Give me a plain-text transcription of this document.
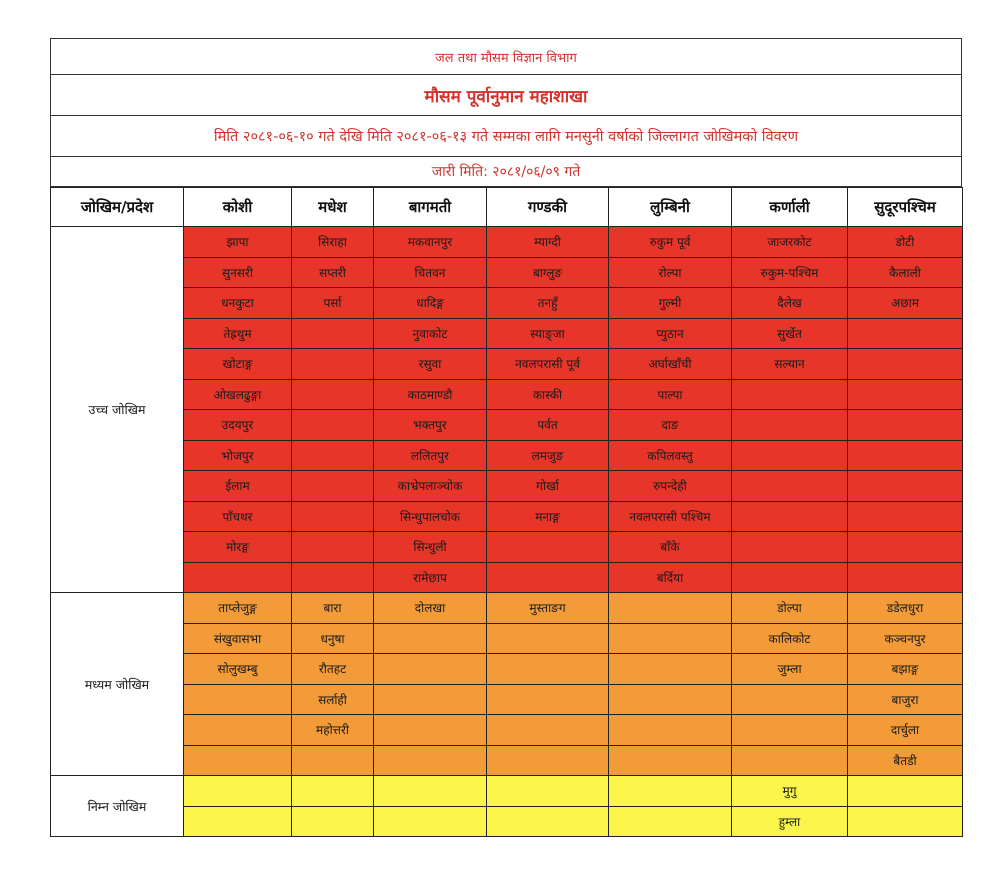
जल तथा मौसम विज्ञान विभाग
मौसम पूर्वानुमान महाशाखा
मिति २०८१-०६-१० गते देखि मिति २०८१-०६-१३ गते सम्मका लागि मनसुनी वर्षाको जिल्लागत जोखिमको विवरण
जारी मिति: २०८१/०६/०९ गते
जोखिम/प्रदेश	कोशी	मधेश	बागमती	गण्डकी	लुम्बिनी	कर्णाली	सुदूरपश्चिम
उच्च जोखिम	झापा	सिराहा	मकवानपुर	म्याग्दी	रुकुम पूर्व	जाजरकोट	डोटी
	सुनसरी	सप्तरी	चितवन	बाग्लुङ	रोल्पा	रुकुम-पश्चिम	कैलाली
	धनकुटा	पर्सा	धादिङ्ग	तनहुँ	गुल्मी	दैलेख	अछाम
	तेह्रथुम		नुवाकोट	स्याङ्जा	प्युठान	सुर्खेत	
	खोटाङ्ग		रसुवा	नवलपरासी पूर्व	अर्घाखाँची	सल्यान	
	ओखलढुङ्गा		काठमाण्डौ	कास्की	पाल्पा		
	उदयपुर		भक्तपुर	पर्वत	दाङ		
	भोजपुर		ललितपुर	लमजुङ	कपिलवस्तु		
	ईलाम		काभ्रेपलाञ्चोक	गोर्खा	रुपन्देही		
	पाँचथर		सिन्धुपालचोक	मनाङ्ग	नवलपरासी पश्चिम		
	मोरङ्ग		सिन्धुली		बाँके		
			रामेछाप		बर्दिया		
मध्यम जोखिम	ताप्लेजुङ्ग	बारा	दोलखा	मुस्ताङग		डोल्पा	डडेलधुरा
	संखुवासभा	धनुषा				कालिकोट	कञ्चनपुर
	सोलुखम्बु	रौतहट				जुम्ला	बझाङ्ग
		सर्लाही					बाजुरा
		महोत्तरी					दार्चुला
							बैतडी
निम्न जोखिम						मुगु	
						हुम्ला	
